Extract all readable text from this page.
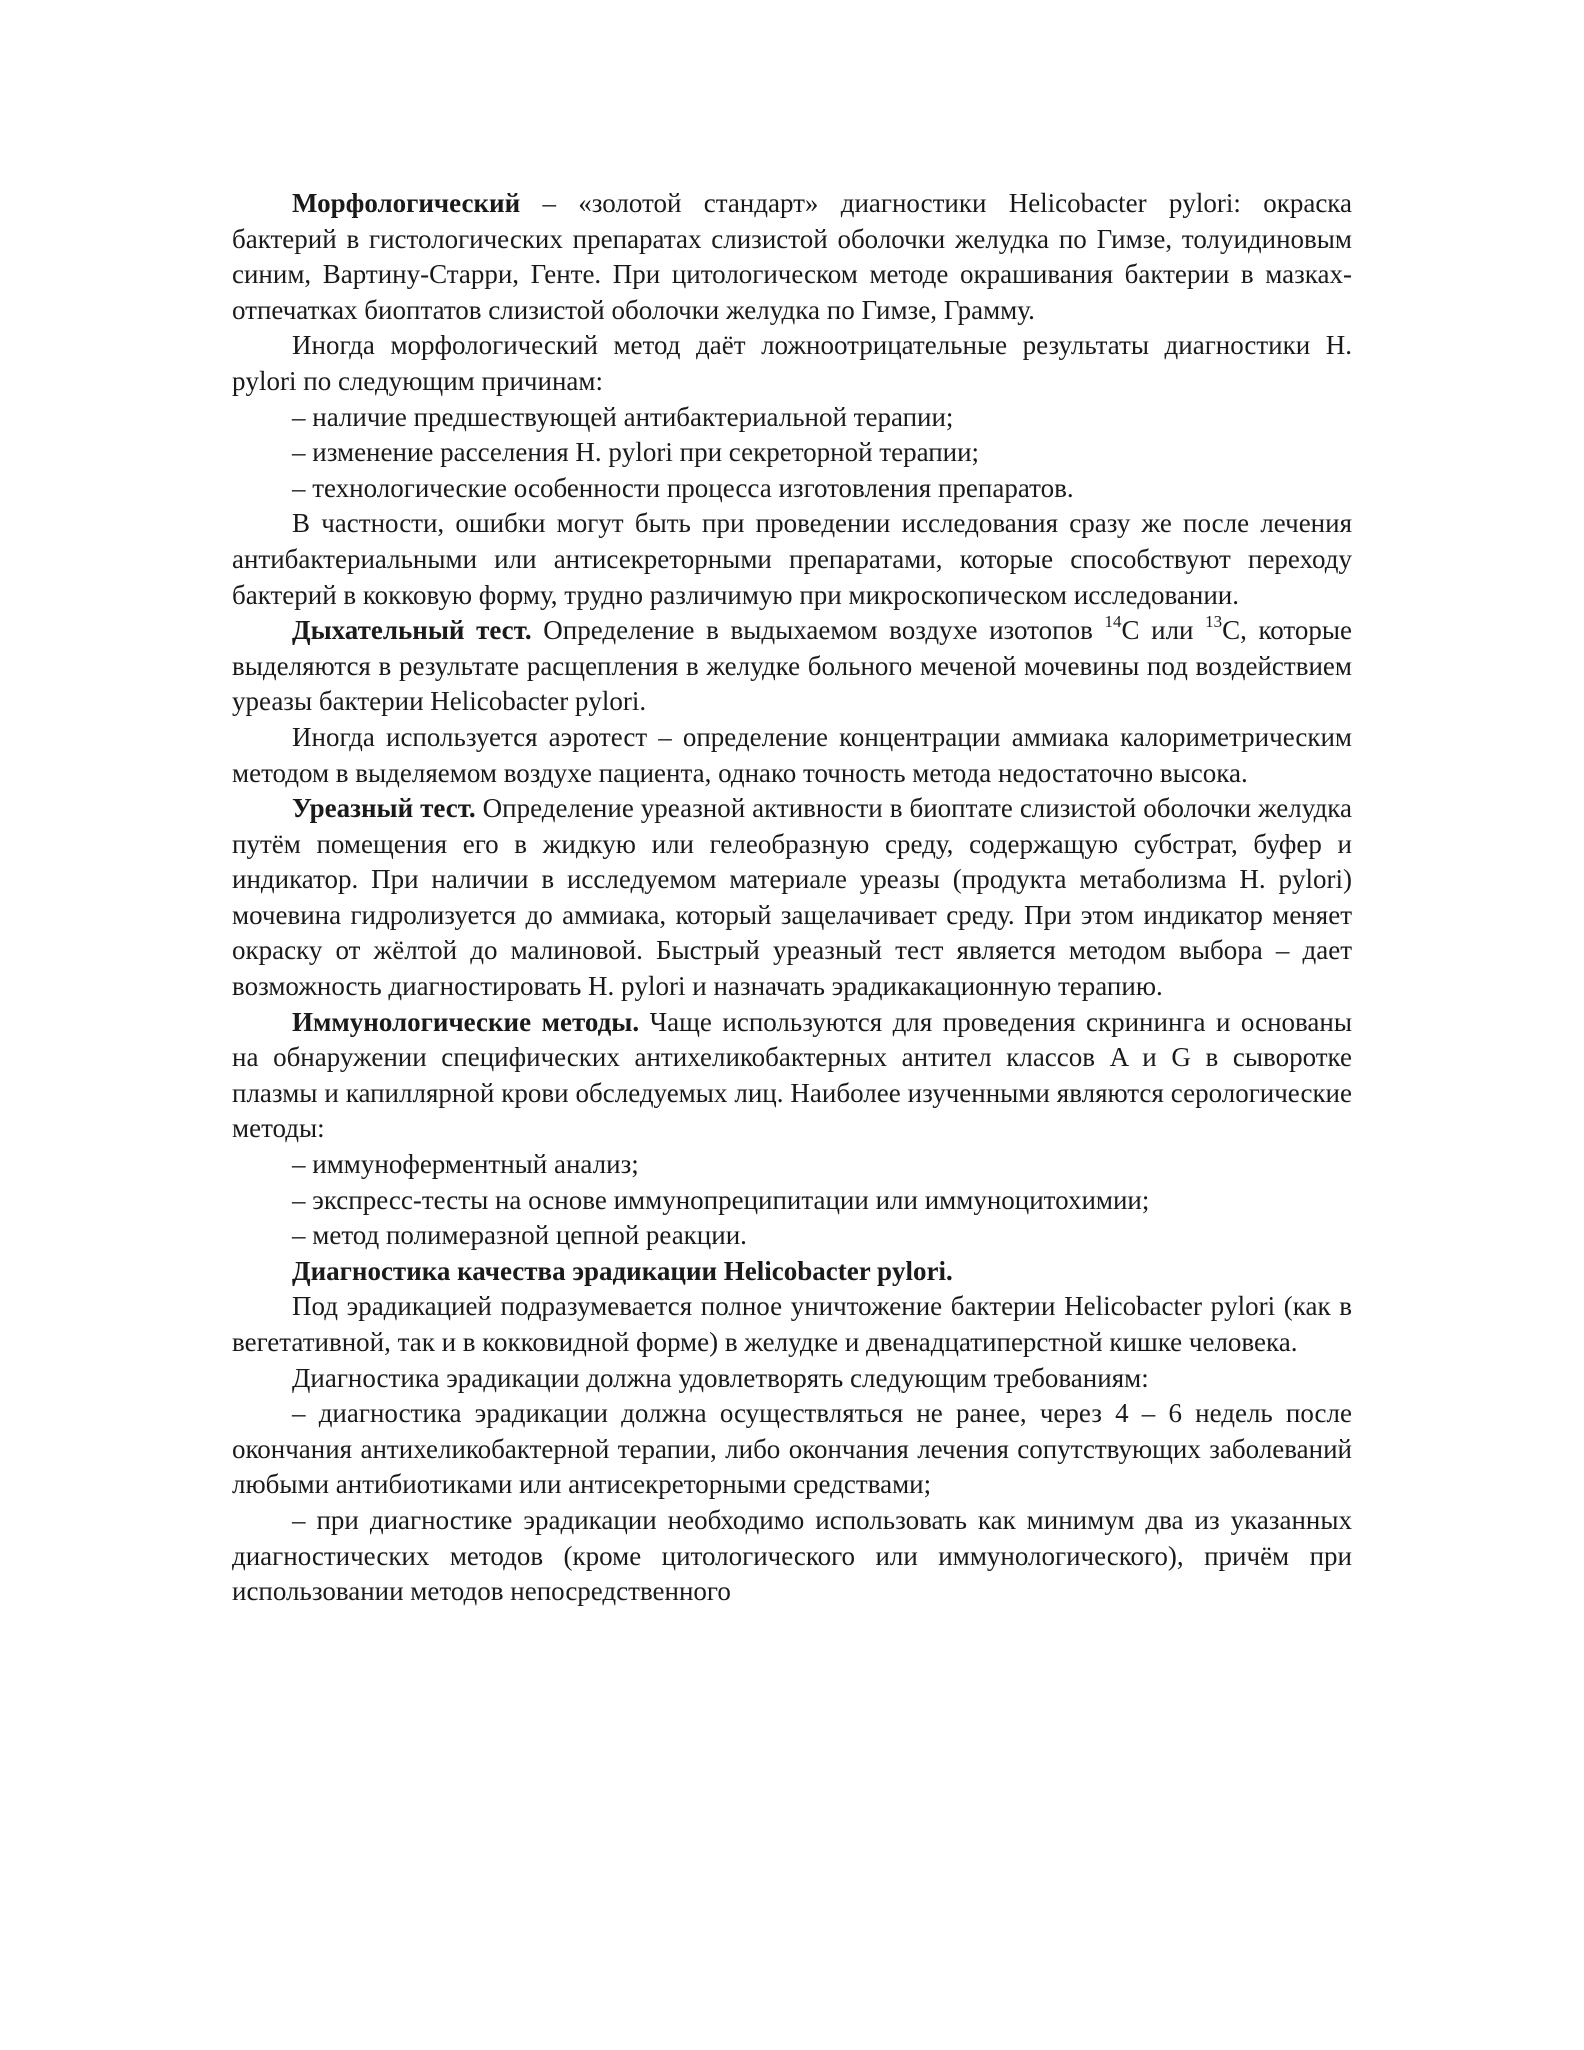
Морфологический – «золотой стандарт» диагностики Helicobacter pylori: окраска бактерий в гистологических препаратах слизистой оболочки желудка по Гимзе, толуидиновым синим, Вартину-Старри, Генте. При цитологическом методе окрашивания бактерии в мазках-отпечатках биоптатов слизистой оболочки желудка по Гимзе, Грамму.

Иногда морфологический метод даёт ложноотрицательные результаты диагностики H. pylori по следующим причинам:

– наличие предшествующей антибактериальной терапии;
– изменение расселения H. pylori при секреторной терапии;
– технологические особенности процесса изготовления препаратов.

В частности, ошибки могут быть при проведении исследования сразу же после лечения антибактериальными или антисекреторными препаратами, которые способствуют переходу бактерий в кокковую форму, трудно различимую при микроскопическом исследовании.

Дыхательный тест. Определение в выдыхаемом воздухе изотопов $^{14}$С или $^{13}$С, которые выделяются в результате расщепления в желудке больного меченой мочевины под воздействием уреазы бактерии Helicobacter pylori.

Иногда используется аэротест – определение концентрации аммиака калориметрическим методом в выделяемом воздухе пациента, однако точность метода недостаточно высока.

Уреазный тест. Определение уреазной активности в биоптате слизистой оболочки желудка путём помещения его в жидкую или гелеобразную среду, содержащую субстрат, буфер и индикатор. При наличии в исследуемом материале уреазы (продукта метаболизма H. pylori) мочевина гидролизуется до аммиака, который защелачивает среду. При этом индикатор меняет окраску от жёлтой до малиновой. Быстрый уреазный тест является методом выбора – дает возможность диагностировать H. pylori и назначать эрадикакационную терапию.

Иммунологические методы. Чаще используются для проведения скрининга и основаны на обнаружении специфических антихеликобактерных антител классов A и G в сыворотке плазмы и капиллярной крови обследуемых лиц. Наиболее изученными являются серологические методы:

– иммуноферментный анализ;
– экспресс-тесты на основе иммунопреципитации или иммуноцитохимии;
– метод полимеразной цепной реакции.

Диагностика качества эрадикации Helicobacter pylori.

Под эрадикацией подразумевается полное уничтожение бактерии Helicobacter pylori (как в вегетативной, так и в кокковидной форме) в желудке и двенадцатиперстной кишке человека.

Диагностика эрадикации должна удовлетворять следующим требованиям:

– диагностика эрадикации должна осуществляться не ранее, через 4 – 6 недель после окончания антихеликобактерной терапии, либо окончания лечения сопутствующих заболеваний любыми антибиотиками или антисекреторными средствами;

– при диагностике эрадикации необходимо использовать как минимум два из указанных диагностических методов (кроме цитологического или иммунологического), причём при использовании методов непосредственного
